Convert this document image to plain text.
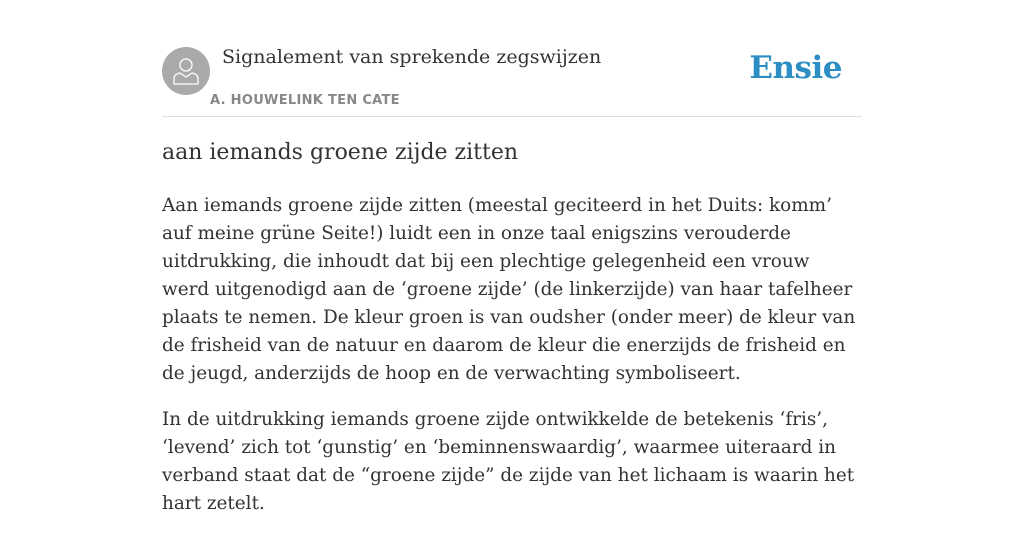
Signalement van sprekende zegswijzen
A. HOUWELINK TEN CATE
Ensie
aan iemands groene zijde zitten

Aan iemands groene zijde zitten (meestal geciteerd in het Duits: komm’ auf meine grüne Seite!) luidt een in onze taal enigszins verouderde uitdrukking, die inhoudt dat bij een plechtige gelegenheid een vrouw werd uitgenodigd aan de ‘groene zijde’ (de linkerzijde) van haar tafelheer plaats te nemen. De kleur groen is van oudsher (onder meer) de kleur van de frisheid van de natuur en daarom de kleur die enerzijds de frisheid en de jeugd, anderzijds de hoop en de verwachting symboliseert.

In de uitdrukking iemands groene zijde ontwikkelde de betekenis ‘fris’, ‘levend’ zich tot ‘gunstig’ en ‘beminnenswaardig’, waarmee uiteraard in verband staat dat de “groene zijde” de zijde van het lichaam is waarin het hart zetelt.
